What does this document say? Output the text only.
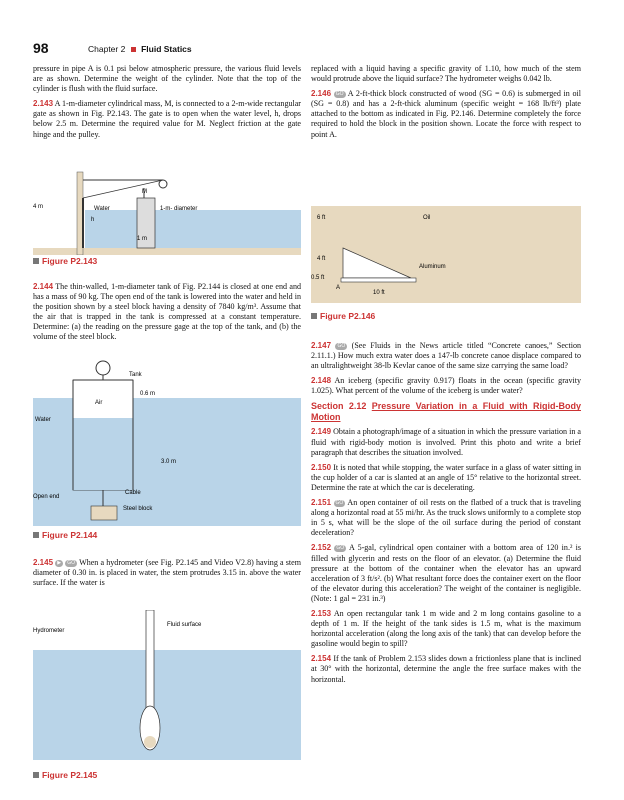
98	Chapter 2 Fluid Statics

pressure in pipe A is 0.1 psi below atmospheric pressure, the various fluid levels are as shown. Determine the weight of the cylinder. Note that the top of the cylinder is flush with the fluid surface.

2.143 A 1-m-diameter cylindrical mass, M, is connected to a 2-m-wide rectangular gate as shown in Fig. P2.143. The gate is to open when the water level, h, drops below 2.5 m. Determine the required value for M. Neglect friction at the gate hinge and the pulley.

M
4 m	Water
h
1-m- diameter
1 m
Figure P2.143

2.144 The thin-walled, 1-m-diameter tank of Fig. P2.144 is closed at one end and has a mass of 90 kg. The open end of the tank is lowered into the water and held in the position shown by a steel block having a density of 7840 kg/m³. Assume that the air that is trapped in the tank is compressed at a constant temperature. Determine: (a) the reading on the pressure gage at the top of the tank, and (b) the volume of the steel block.

Tank
0.6 m
Air
Water
3.0 m
Open end
Cable
Steel block
Figure P2.144

2.145 ▶ GO When a hydrometer (see Fig. P2.145 and Video V2.8) having a stem diameter of 0.30 in. is placed in water, the stem protrudes 3.15 in. above the water surface. If the water is

Hydrometer
Fluid surface
Figure P2.145

replaced with a liquid having a specific gravity of 1.10, how much of the stem would protrude above the liquid surface? The hydrometer weighs 0.042 lb.

2.146 GO A 2-ft-thick block constructed of wood (SG = 0.6) is submerged in oil (SG = 0.8) and has a 2-ft-thick aluminum (specific weight = 168 lb/ft³) plate attached to the bottom as indicated in Fig. P2.146. Determine completely the force required to hold the block in the position shown. Locate the force with respect to point A.

6 ft	Oil
4 ft
Aluminum
0.5 ft
A
10 ft
Figure P2.146

2.147 GO (See Fluids in the News article titled “Concrete canoes,” Section 2.11.1.) How much extra water does a 147-lb concrete canoe displace compared to an ultralightweight 38-lb Kevlar canoe of the same size carrying the same load?

2.148 An iceberg (specific gravity 0.917) floats in the ocean (specific gravity 1.025). What percent of the volume of the iceberg is under water?

Section 2.12 Pressure Variation in a Fluid with Rigid-Body Motion

2.149 Obtain a photograph/image of a situation in which the pressure variation in a fluid with rigid-body motion is involved. Print this photo and write a brief paragraph that describes the situation involved.

2.150 It is noted that while stopping, the water surface in a glass of water sitting in the cup holder of a car is slanted at an angle of 15° relative to the horizontal street. Determine the rate at which the car is decelerating.

2.151 GO An open container of oil rests on the flatbed of a truck that is traveling along a horizontal road at 55 mi/hr. As the truck slows uniformly to a complete stop in 5 s, what will be the slope of the oil surface during the period of constant deceleration?

2.152 GO A 5-gal, cylindrical open container with a bottom area of 120 in.² is filled with glycerin and rests on the floor of an elevator. (a) Determine the fluid pressure at the bottom of the container when the elevator has an upward acceleration of 3 ft/s². (b) What resultant force does the container exert on the floor of the elevator during this acceleration? The weight of the container is negligible. (Note: 1 gal = 231 in.³)

2.153 An open rectangular tank 1 m wide and 2 m long contains gasoline to a depth of 1 m. If the height of the tank sides is 1.5 m, what is the maximum horizontal acceleration (along the long axis of the tank) that can develop before the gasoline would begin to spill?

2.154 If the tank of Problem 2.153 slides down a frictionless plane that is inclined at 30° with the horizontal, determine the angle the free surface makes with the horizontal.
